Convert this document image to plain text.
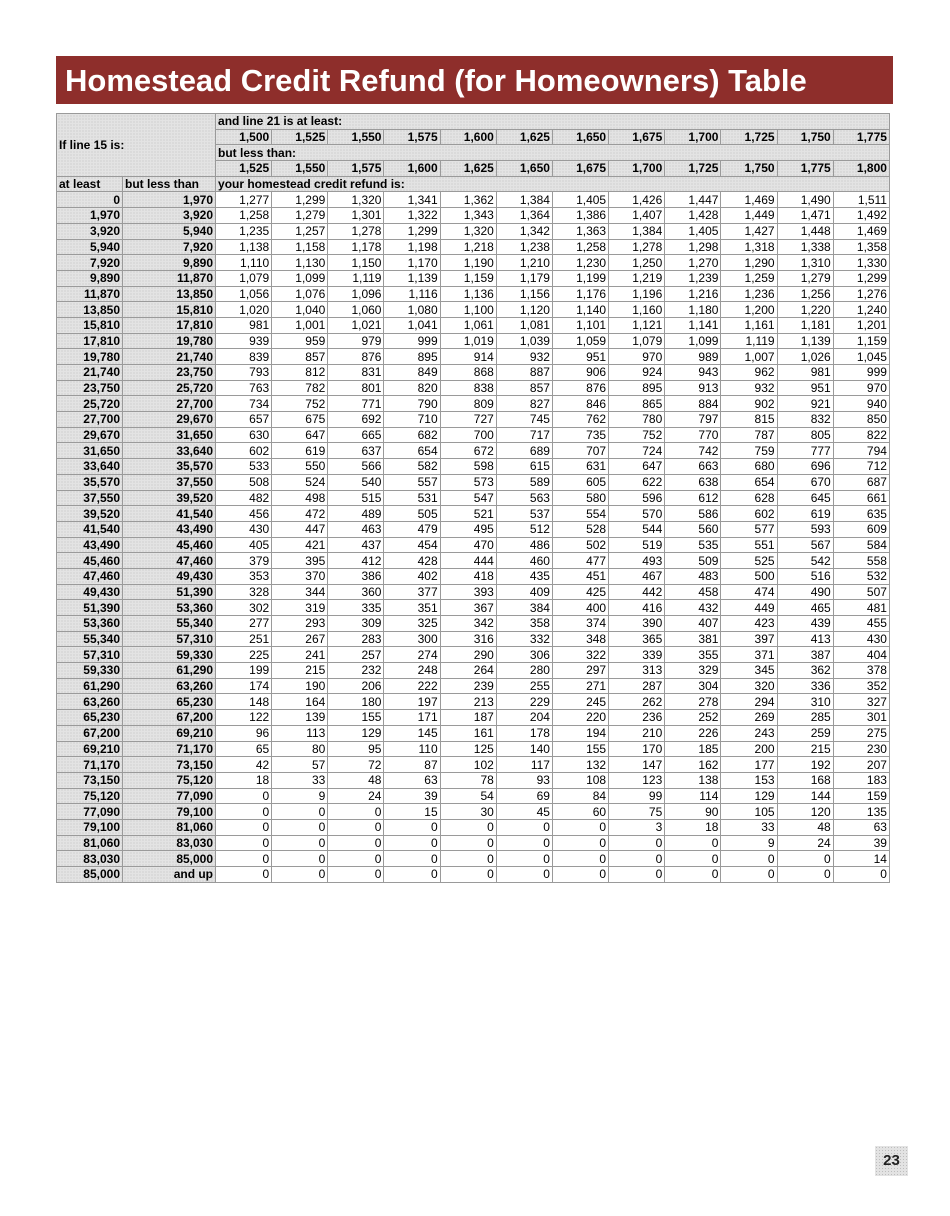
Homestead Credit Refund (for Homeowners) Table
If line 15 is:		and line 21 is at least:											
		1,500	1,525	1,550	1,575	1,600	1,625	1,650	1,675	1,700	1,725	1,750	1,775
		but less than:											
		1,525	1,550	1,575	1,600	1,625	1,650	1,675	1,700	1,725	1,750	1,775	1,800
at least	but less than	your homestead credit refund is:											
0	1,970	1,277	1,299	1,320	1,341	1,362	1,384	1,405	1,426	1,447	1,469	1,490	1,511
1,970	3,920	1,258	1,279	1,301	1,322	1,343	1,364	1,386	1,407	1,428	1,449	1,471	1,492
3,920	5,940	1,235	1,257	1,278	1,299	1,320	1,342	1,363	1,384	1,405	1,427	1,448	1,469
5,940	7,920	1,138	1,158	1,178	1,198	1,218	1,238	1,258	1,278	1,298	1,318	1,338	1,358
7,920	9,890	1,110	1,130	1,150	1,170	1,190	1,210	1,230	1,250	1,270	1,290	1,310	1,330
9,890	11,870	1,079	1,099	1,119	1,139	1,159	1,179	1,199	1,219	1,239	1,259	1,279	1,299
11,870	13,850	1,056	1,076	1,096	1,116	1,136	1,156	1,176	1,196	1,216	1,236	1,256	1,276
13,850	15,810	1,020	1,040	1,060	1,080	1,100	1,120	1,140	1,160	1,180	1,200	1,220	1,240
15,810	17,810	981	1,001	1,021	1,041	1,061	1,081	1,101	1,121	1,141	1,161	1,181	1,201
17,810	19,780	939	959	979	999	1,019	1,039	1,059	1,079	1,099	1,119	1,139	1,159
19,780	21,740	839	857	876	895	914	932	951	970	989	1,007	1,026	1,045
21,740	23,750	793	812	831	849	868	887	906	924	943	962	981	999
23,750	25,720	763	782	801	820	838	857	876	895	913	932	951	970
25,720	27,700	734	752	771	790	809	827	846	865	884	902	921	940
27,700	29,670	657	675	692	710	727	745	762	780	797	815	832	850
29,670	31,650	630	647	665	682	700	717	735	752	770	787	805	822
31,650	33,640	602	619	637	654	672	689	707	724	742	759	777	794
33,640	35,570	533	550	566	582	598	615	631	647	663	680	696	712
35,570	37,550	508	524	540	557	573	589	605	622	638	654	670	687
37,550	39,520	482	498	515	531	547	563	580	596	612	628	645	661
39,520	41,540	456	472	489	505	521	537	554	570	586	602	619	635
41,540	43,490	430	447	463	479	495	512	528	544	560	577	593	609
43,490	45,460	405	421	437	454	470	486	502	519	535	551	567	584
45,460	47,460	379	395	412	428	444	460	477	493	509	525	542	558
47,460	49,430	353	370	386	402	418	435	451	467	483	500	516	532
49,430	51,390	328	344	360	377	393	409	425	442	458	474	490	507
51,390	53,360	302	319	335	351	367	384	400	416	432	449	465	481
53,360	55,340	277	293	309	325	342	358	374	390	407	423	439	455
55,340	57,310	251	267	283	300	316	332	348	365	381	397	413	430
57,310	59,330	225	241	257	274	290	306	322	339	355	371	387	404
59,330	61,290	199	215	232	248	264	280	297	313	329	345	362	378
61,290	63,260	174	190	206	222	239	255	271	287	304	320	336	352
63,260	65,230	148	164	180	197	213	229	245	262	278	294	310	327
65,230	67,200	122	139	155	171	187	204	220	236	252	269	285	301
67,200	69,210	96	113	129	145	161	178	194	210	226	243	259	275
69,210	71,170	65	80	95	110	125	140	155	170	185	200	215	230
71,170	73,150	42	57	72	87	102	117	132	147	162	177	192	207
73,150	75,120	18	33	48	63	78	93	108	123	138	153	168	183
75,120	77,090	0	9	24	39	54	69	84	99	114	129	144	159
77,090	79,100	0	0	0	15	30	45	60	75	90	105	120	135
79,100	81,060	0	0	0	0	0	0	0	3	18	33	48	63
81,060	83,030	0	0	0	0	0	0	0	0	0	9	24	39
83,030	85,000	0	0	0	0	0	0	0	0	0	0	0	14
85,000	and up	0	0	0	0	0	0	0	0	0	0	0	0
23
